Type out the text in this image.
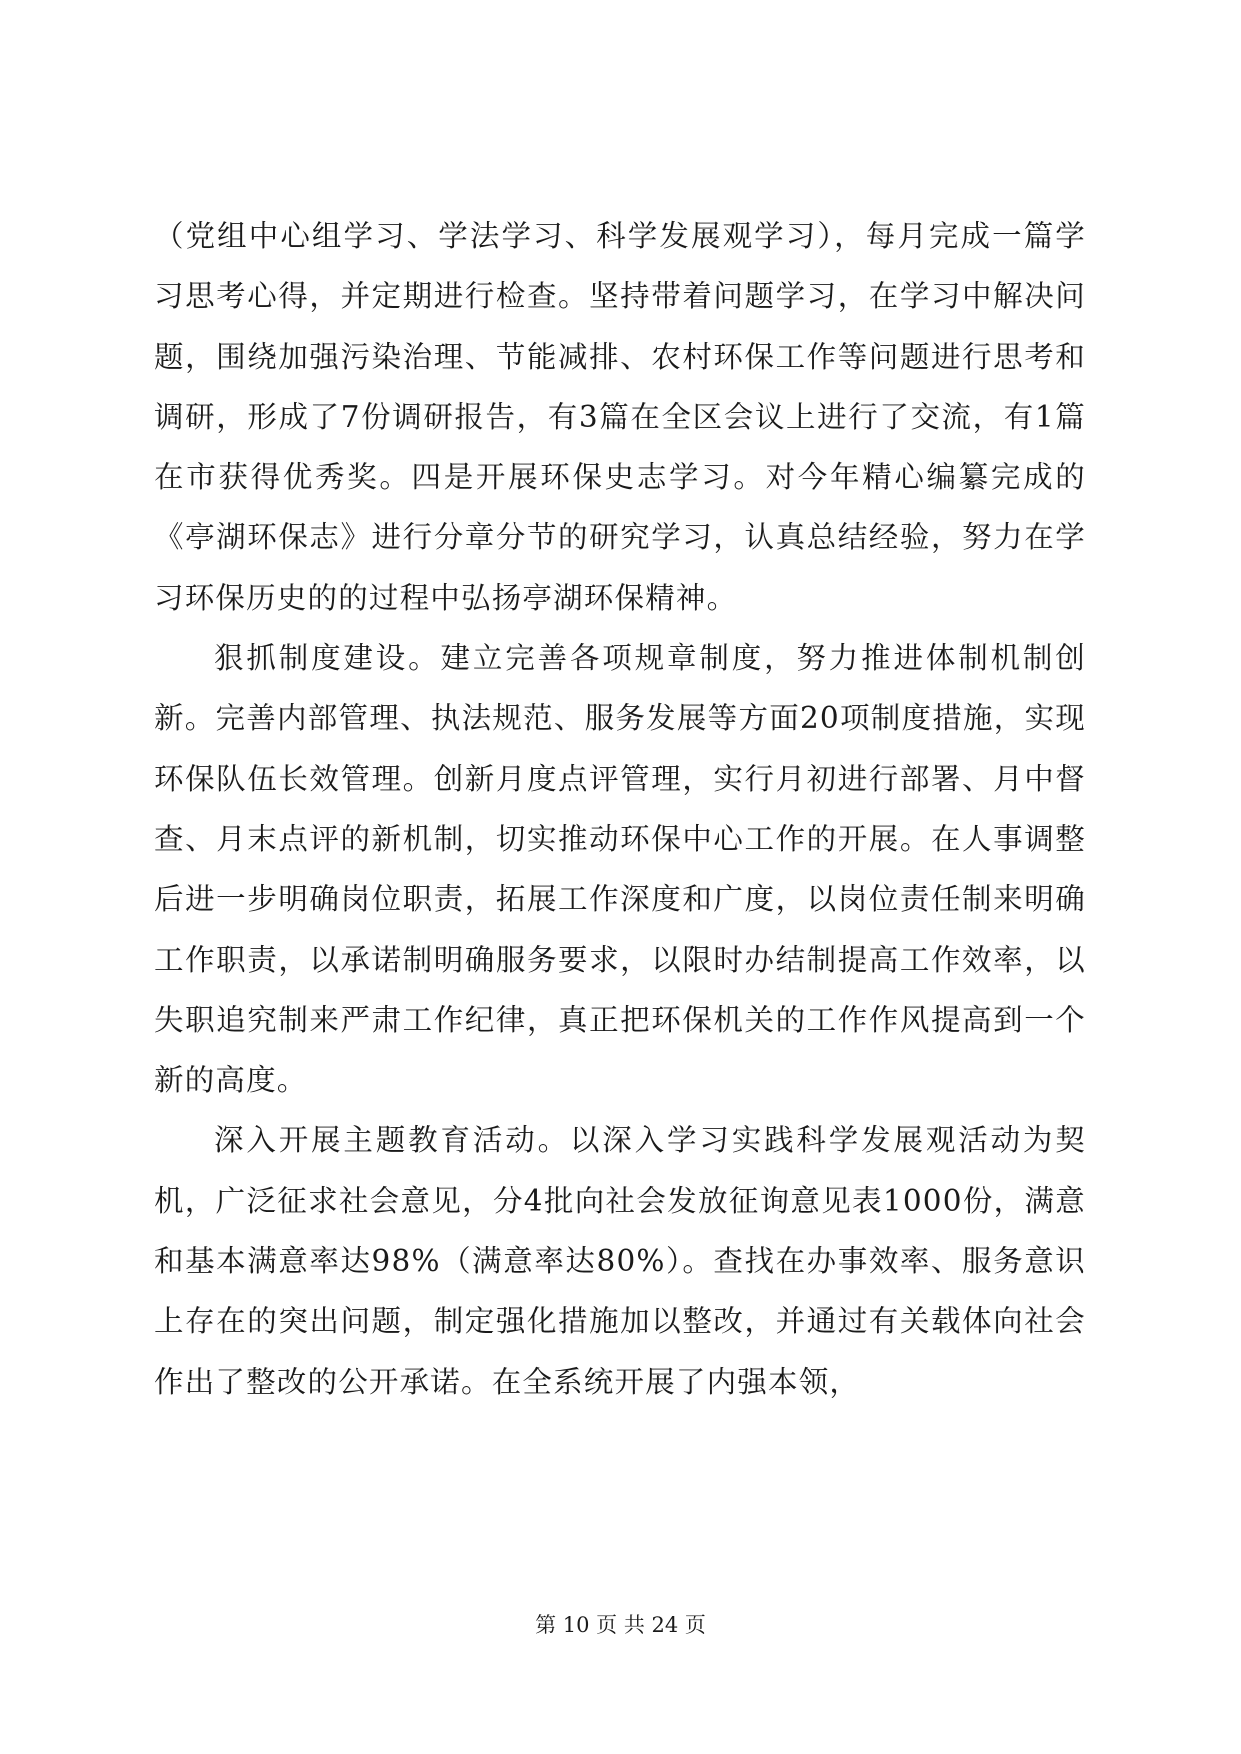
（党组中心组学习、学法学习、科学发展观学习），每月完成一篇学习思考心得，并定期进行检查。坚持带着问题学习，在学习中解决问题，围绕加强污染治理、节能减排、农村环保工作等问题进行思考和调研，形成了7份调研报告，有3篇在全区会议上进行了交流，有1篇在市获得优秀奖。四是开展环保史志学习。对今年精心编纂完成的《亭湖环保志》进行分章分节的研究学习，认真总结经验，努力在学习环保历史的的过程中弘扬亭湖环保精神。

狠抓制度建设。建立完善各项规章制度，努力推进体制机制创新。完善内部管理、执法规范、服务发展等方面20项制度措施，实现环保队伍长效管理。创新月度点评管理，实行月初进行部署、月中督查、月末点评的新机制，切实推动环保中心工作的开展。在人事调整后进一步明确岗位职责，拓展工作深度和广度，以岗位责任制来明确工作职责，以承诺制明确服务要求，以限时办结制提高工作效率，以失职追究制来严肃工作纪律，真正把环保机关的工作作风提高到一个新的高度。

深入开展主题教育活动。以深入学习实践科学发展观活动为契机，广泛征求社会意见，分4批向社会发放征询意见表1000份，满意和基本满意率达98%（满意率达80%）。查找在办事效率、服务意识上存在的突出问题，制定强化措施加以整改，并通过有关载体向社会作出了整改的公开承诺。在全系统开展了内强本领，

第 10 页 共 24 页
